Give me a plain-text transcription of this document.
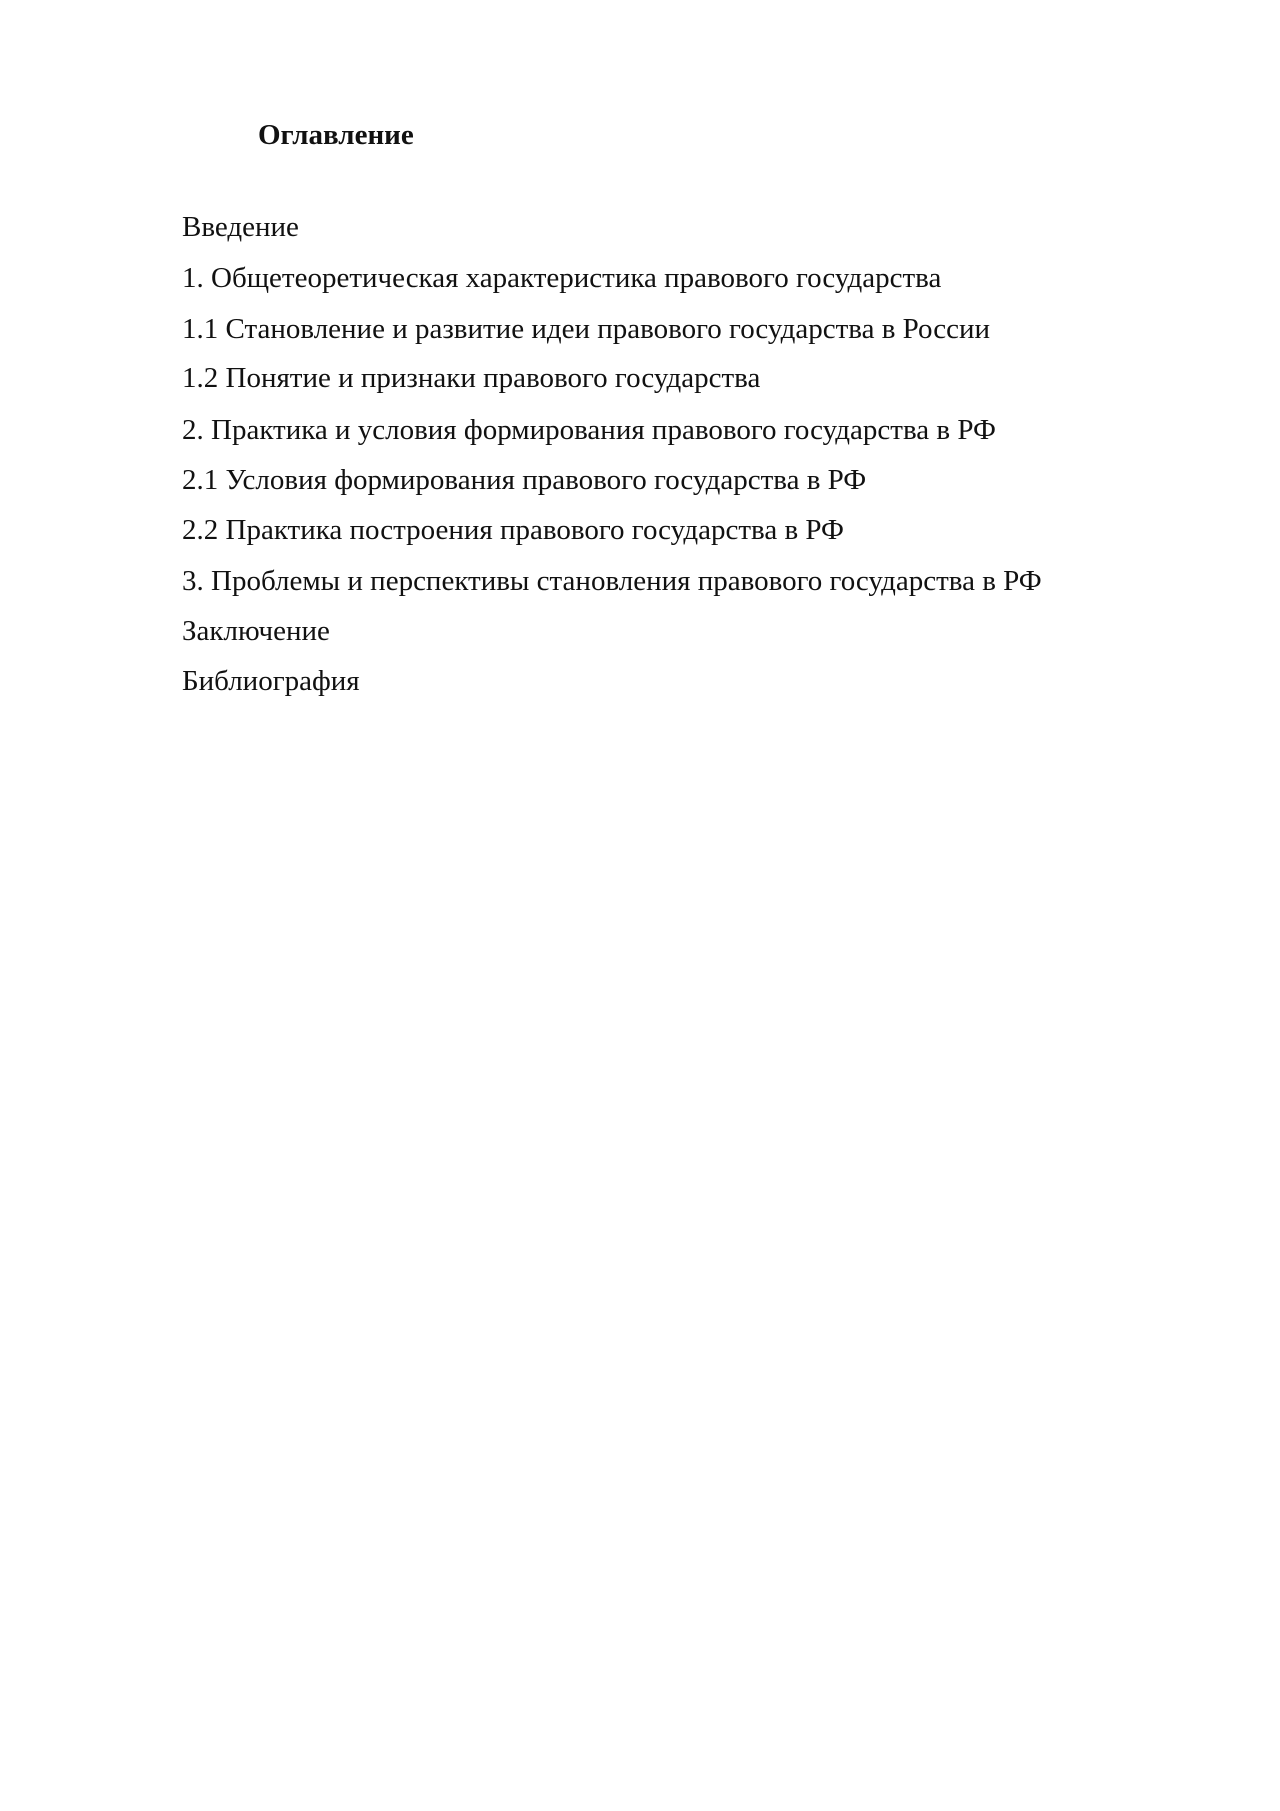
Оглавление
Введение
1. Общетеоретическая характеристика правового государства
1.1 Становление и развитие идеи правового государства в России
1.2 Понятие и признаки правового государства
2. Практика и условия формирования правового государства в РФ
2.1 Условия формирования правового государства в РФ
2.2 Практика построения правового государства в РФ
3. Проблемы и перспективы становления правового государства в РФ
Заключение
Библиография
